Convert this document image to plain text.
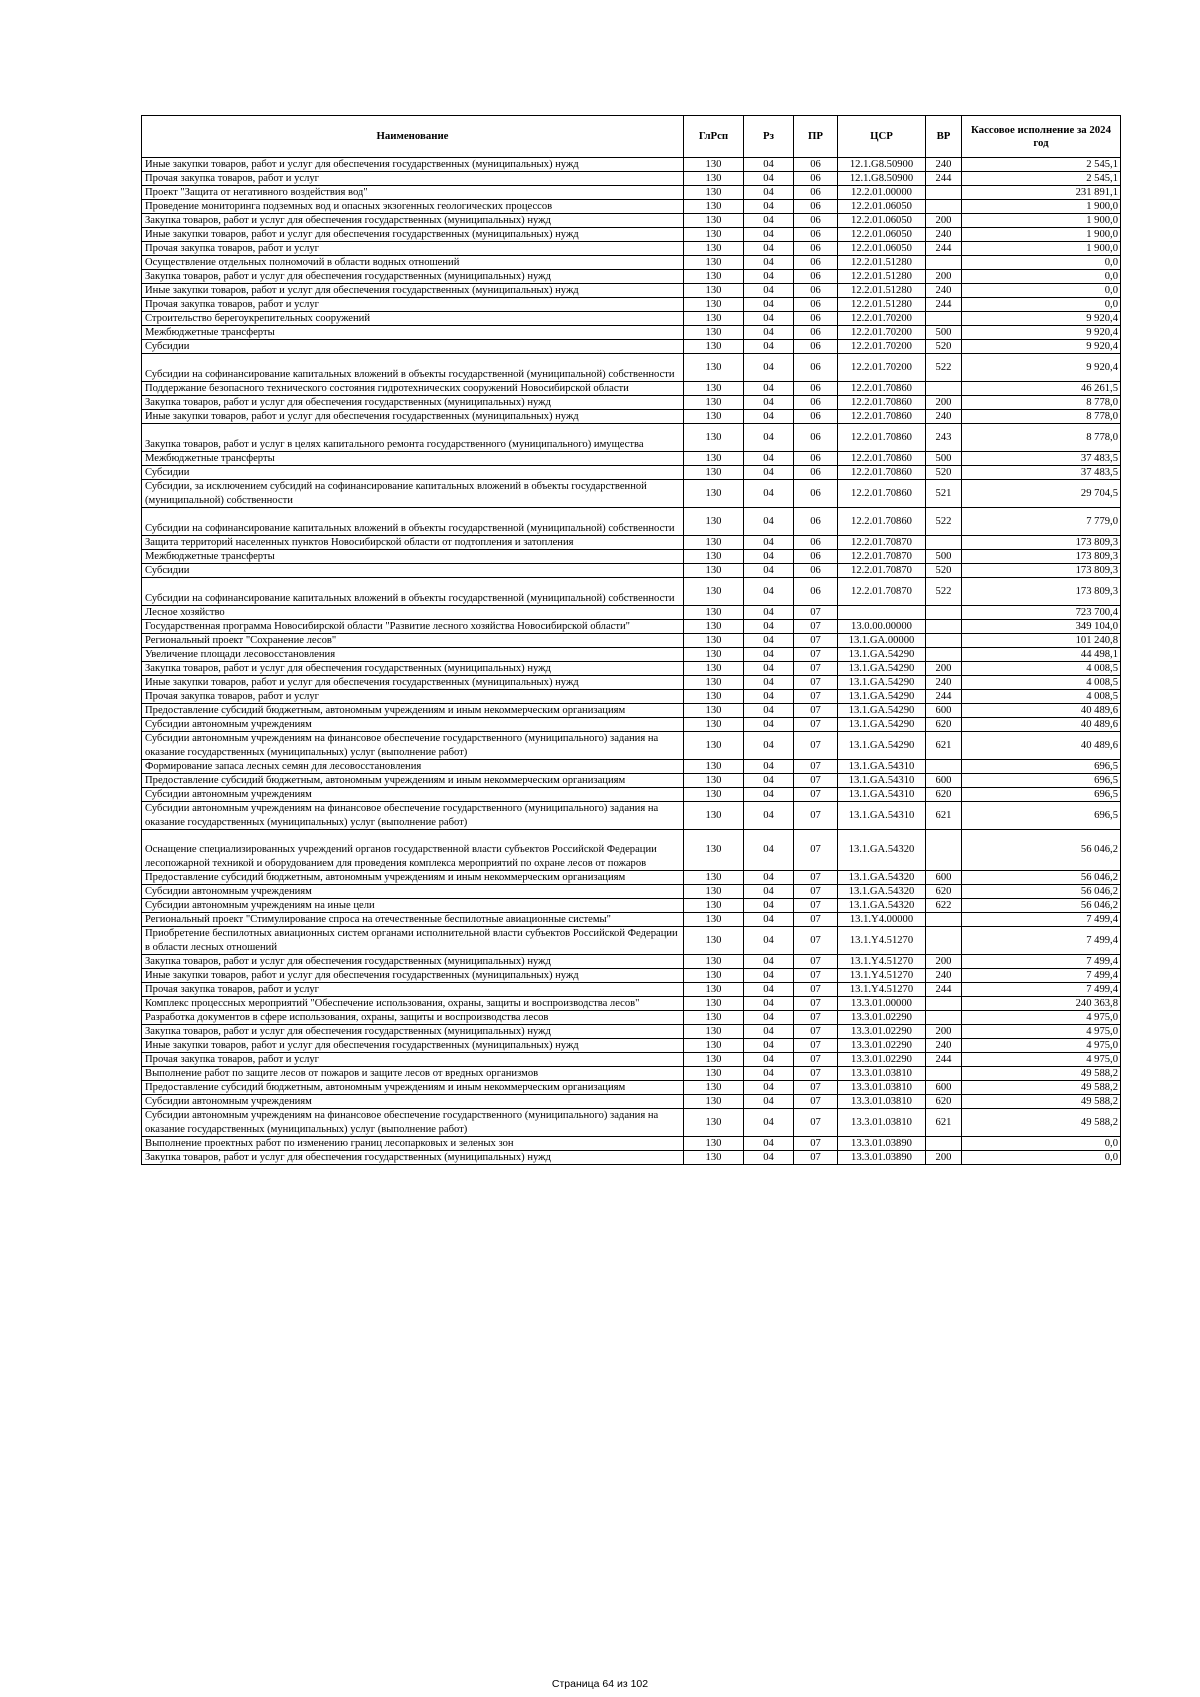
Наименование	ГлРсп	Рз	ПР	ЦСР	ВР	Кассовое исполнение за 2024 год
Иные закупки товаров, работ и услуг для обеспечения государственных (муниципальных) нужд	130	04	06	12.1.G8.50900	240	2 545,1
Прочая закупка товаров, работ и услуг	130	04	06	12.1.G8.50900	244	2 545,1
Проект "Защита от негативного воздействия вод"	130	04	06	12.2.01.00000		231 891,1
Проведение мониторинга подземных вод и опасных экзогенных геологических процессов	130	04	06	12.2.01.06050		1 900,0
Закупка товаров, работ и услуг для обеспечения государственных (муниципальных) нужд	130	04	06	12.2.01.06050	200	1 900,0
Иные закупки товаров, работ и услуг для обеспечения государственных (муниципальных) нужд	130	04	06	12.2.01.06050	240	1 900,0
Прочая закупка товаров, работ и услуг	130	04	06	12.2.01.06050	244	1 900,0
Осуществление отдельных полномочий в области водных отношений	130	04	06	12.2.01.51280		0,0
Закупка товаров, работ и услуг для обеспечения государственных (муниципальных) нужд	130	04	06	12.2.01.51280	200	0,0
Иные закупки товаров, работ и услуг для обеспечения государственных (муниципальных) нужд	130	04	06	12.2.01.51280	240	0,0
Прочая закупка товаров, работ и услуг	130	04	06	12.2.01.51280	244	0,0
Строительство берегоукрепительных сооружений	130	04	06	12.2.01.70200		9 920,4
Межбюджетные трансферты	130	04	06	12.2.01.70200	500	9 920,4
Субсидии	130	04	06	12.2.01.70200	520	9 920,4
Субсидии на софинансирование капитальных вложений в объекты государственной (муниципальной) собственности	130	04	06	12.2.01.70200	522	9 920,4
Поддержание безопасного технического состояния гидротехнических сооружений Новосибирской области	130	04	06	12.2.01.70860		46 261,5
Закупка товаров, работ и услуг для обеспечения государственных (муниципальных) нужд	130	04	06	12.2.01.70860	200	8 778,0
Иные закупки товаров, работ и услуг для обеспечения государственных (муниципальных) нужд	130	04	06	12.2.01.70860	240	8 778,0
Закупка товаров, работ и услуг в целях капитального ремонта государственного (муниципального) имущества	130	04	06	12.2.01.70860	243	8 778,0
Межбюджетные трансферты	130	04	06	12.2.01.70860	500	37 483,5
Субсидии	130	04	06	12.2.01.70860	520	37 483,5
Субсидии, за исключением субсидий на софинансирование капитальных вложений в объекты государственной (муниципальной) собственности	130	04	06	12.2.01.70860	521	29 704,5
Субсидии на софинансирование капитальных вложений в объекты государственной (муниципальной) собственности	130	04	06	12.2.01.70860	522	7 779,0
Защита территорий населенных пунктов Новосибирской области от подтопления и затопления	130	04	06	12.2.01.70870		173 809,3
Межбюджетные трансферты	130	04	06	12.2.01.70870	500	173 809,3
Субсидии	130	04	06	12.2.01.70870	520	173 809,3
Субсидии на софинансирование капитальных вложений в объекты государственной (муниципальной) собственности	130	04	06	12.2.01.70870	522	173 809,3
Лесное хозяйство	130	04	07			723 700,4
Государственная программа Новосибирской области "Развитие лесного хозяйства Новосибирской области"	130	04	07	13.0.00.00000		349 104,0
Региональный проект "Сохранение лесов"	130	04	07	13.1.GA.00000		101 240,8
Увеличение площади лесовосстановления	130	04	07	13.1.GA.54290		44 498,1
Закупка товаров, работ и услуг для обеспечения государственных (муниципальных) нужд	130	04	07	13.1.GA.54290	200	4 008,5
Иные закупки товаров, работ и услуг для обеспечения государственных (муниципальных) нужд	130	04	07	13.1.GA.54290	240	4 008,5
Прочая закупка товаров, работ и услуг	130	04	07	13.1.GA.54290	244	4 008,5
Предоставление субсидий бюджетным, автономным учреждениям и иным некоммерческим организациям	130	04	07	13.1.GA.54290	600	40 489,6
Субсидии автономным учреждениям	130	04	07	13.1.GA.54290	620	40 489,6
Субсидии автономным учреждениям на финансовое обеспечение государственного (муниципального) задания на оказание государственных (муниципальных) услуг (выполнение работ)	130	04	07	13.1.GA.54290	621	40 489,6
Формирование запаса лесных семян для лесовосстановления	130	04	07	13.1.GA.54310		696,5
Предоставление субсидий бюджетным, автономным учреждениям и иным некоммерческим организациям	130	04	07	13.1.GA.54310	600	696,5
Субсидии автономным учреждениям	130	04	07	13.1.GA.54310	620	696,5
Субсидии автономным учреждениям на финансовое обеспечение государственного (муниципального) задания на оказание государственных (муниципальных) услуг (выполнение работ)	130	04	07	13.1.GA.54310	621	696,5
Оснащение специализированных учреждений органов государственной власти субъектов Российской Федерации лесопожарной техникой и оборудованием для проведения комплекса мероприятий по охране лесов от пожаров	130	04	07	13.1.GA.54320		56 046,2
Предоставление субсидий бюджетным, автономным учреждениям и иным некоммерческим организациям	130	04	07	13.1.GA.54320	600	56 046,2
Субсидии автономным учреждениям	130	04	07	13.1.GA.54320	620	56 046,2
Субсидии автономным учреждениям на иные цели	130	04	07	13.1.GA.54320	622	56 046,2
Региональный проект "Стимулирование спроса на отечественные беспилотные авиационные системы"	130	04	07	13.1.Y4.00000		7 499,4
Приобретение беспилотных авиационных систем органами исполнительной власти субъектов Российской Федерации в области лесных отношений	130	04	07	13.1.Y4.51270		7 499,4
Закупка товаров, работ и услуг для обеспечения государственных (муниципальных) нужд	130	04	07	13.1.Y4.51270	200	7 499,4
Иные закупки товаров, работ и услуг для обеспечения государственных (муниципальных) нужд	130	04	07	13.1.Y4.51270	240	7 499,4
Прочая закупка товаров, работ и услуг	130	04	07	13.1.Y4.51270	244	7 499,4
Комплекс процессных мероприятий "Обеспечение использования, охраны, защиты и воспроизводства лесов"	130	04	07	13.3.01.00000		240 363,8
Разработка документов в сфере использования, охраны, защиты и воспроизводства лесов	130	04	07	13.3.01.02290		4 975,0
Закупка товаров, работ и услуг для обеспечения государственных (муниципальных) нужд	130	04	07	13.3.01.02290	200	4 975,0
Иные закупки товаров, работ и услуг для обеспечения государственных (муниципальных) нужд	130	04	07	13.3.01.02290	240	4 975,0
Прочая закупка товаров, работ и услуг	130	04	07	13.3.01.02290	244	4 975,0
Выполнение работ по защите лесов от пожаров и защите лесов от вредных организмов	130	04	07	13.3.01.03810		49 588,2
Предоставление субсидий бюджетным, автономным учреждениям и иным некоммерческим организациям	130	04	07	13.3.01.03810	600	49 588,2
Субсидии автономным учреждениям	130	04	07	13.3.01.03810	620	49 588,2
Субсидии автономным учреждениям на финансовое обеспечение государственного (муниципального) задания на оказание государственных (муниципальных) услуг (выполнение работ)	130	04	07	13.3.01.03810	621	49 588,2
Выполнение проектных работ по изменению границ лесопарковых и зеленых зон	130	04	07	13.3.01.03890		0,0
Закупка товаров, работ и услуг для обеспечения государственных (муниципальных) нужд	130	04	07	13.3.01.03890	200	0,0
Страница 64 из 102
